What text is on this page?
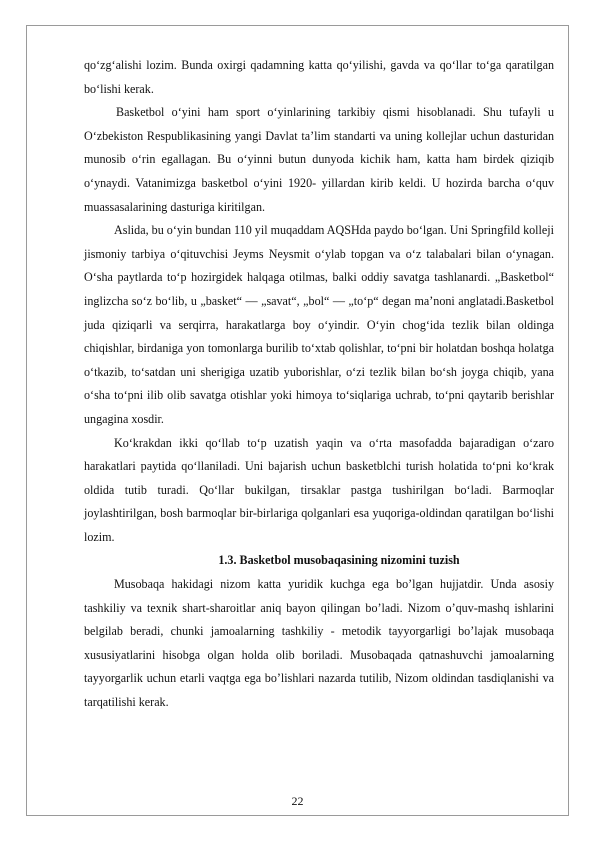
qo‘zg‘alishi lozim. Bunda oxirgi qadamning katta qo‘yilishi, gavda va qo‘llar to‘ga qaratilgan bo‘lishi kerak.

Basketbol o‘yini ham sport o‘yinlarining tarkibiy qismi hisoblanadi. Shu tufayli u O‘zbekiston Respublikasining yangi Davlat ta’lim standarti va uning kollejlar uchun dasturidan munosib o‘rin egallagan. Bu o‘yinni butun dunyoda kichik ham, katta ham birdek qiziqib o‘ynaydi. Vatanimizga basketbol o‘yini 1920- yillardan kirib keldi. U hozirda barcha o‘quv muassasalarining dasturiga kiritilgan.

Aslida, bu o‘yin bundan 110 yil muqaddam AQSHda paydo bo‘lgan. Uni Springfild kolleji jismoniy tarbiya o‘qituvchisi Jeyms Neysmit o‘ylab topgan va o‘z talabalari bilan o‘ynagan. O‘sha paytlarda to‘p hozirgidek halqaga otilmas, balki oddiy savatga tashlanardi. „Basketbol“ inglizcha so‘z bo‘lib, u „basket“ — „savat“, „bol“ — „to‘p“ degan ma’noni anglatadi.Basketbol juda qiziqarli va serqirra, harakatlarga boy o‘yindir. O‘yin chog‘ida tezlik bilan oldinga chiqishlar, birdaniga yon tomonlarga burilib to‘xtab qolishlar, to‘pni bir holatdan boshqa holatga o‘tkazib, to‘satdan uni sherigiga uzatib yuborishlar, o‘zi tezlik bilan bo‘sh joyga chiqib, yana o‘sha to‘pni ilib olib savatga otishlar yoki himoya to‘siqlariga uchrab, to‘pni qaytarib berishlar ungagina xosdir.

Ko‘krakdan ikki qo‘llab to‘p uzatish yaqin va o‘rta masofadda bajaradigan o‘zaro harakatlari paytida qo‘llaniladi. Uni bajarish uchun basketblchi turish holatida to‘pni ko‘krak oldida tutib turadi. Qo‘llar bukilgan, tirsaklar pastga tushirilgan bo‘ladi. Barmoqlar joylashtirilgan, bosh barmoqlar bir-birlariga qolganlari esa yuqoriga-oldindan qaratilgan bo‘lishi lozim.

1.3. Basketbol musobaqasining nizomini tuzish

Musobaqa hakidagi nizom katta yuridik kuchga ega bo’lgan hujjatdir. Unda asosiy tashkiliy va texnik shart-sharoitlar aniq bayon qilingan bo’ladi. Nizom o’quv-mashq ishlarini belgilab beradi, chunki jamoalarning tashkiliy - metodik tayyorgarligi bo’lajak musobaqa xususiyatlarini hisobga olgan holda olib boriladi. Musobaqada qatnashuvchi jamoalarning tayyorgarlik uchun etarli vaqtga ega bo’lishlari nazarda tutilib, Nizom oldindan tasdiqlanishi va tarqatilishi kerak.

22
